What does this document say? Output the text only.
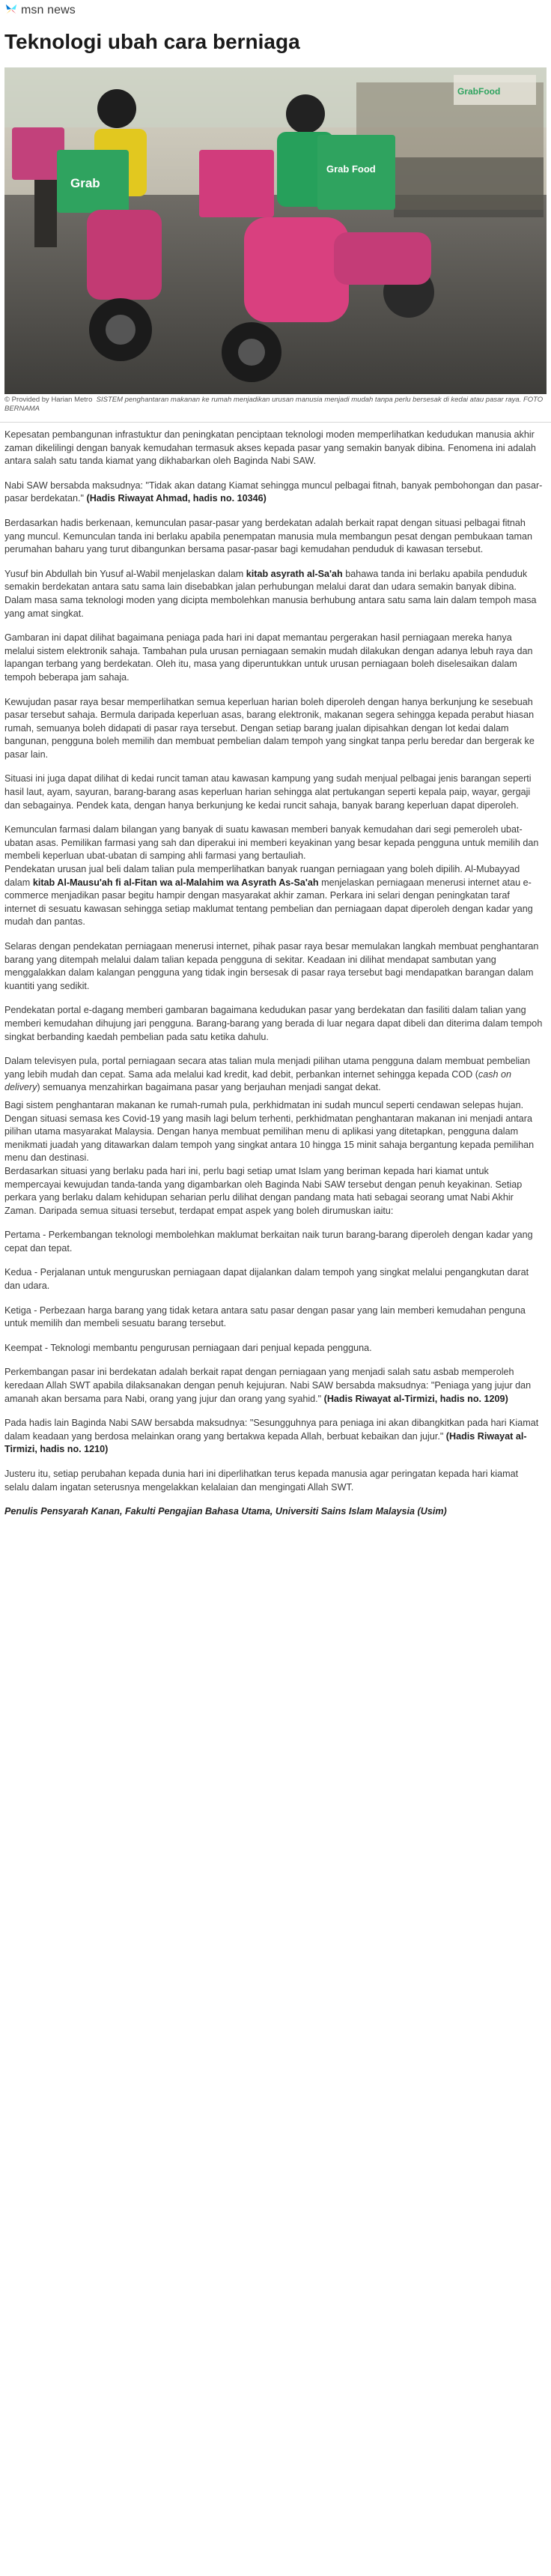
msn news
Teknologi ubah cara berniaga
Grab
Grab Food
GrabFood
© Provided by Harian Metro SISTEM penghantaran makanan ke rumah menjadikan urusan manusia menjadi mudah tanpa perlu bersesak di kedai atau pasar raya. FOTO BERNAMA

Kepesatan pembangunan infrastuktur dan peningkatan penciptaan teknologi moden memperlihatkan kedudukan manusia akhir zaman dikelilingi dengan banyak kemudahan termasuk akses kepada pasar yang semakin banyak dibina. Fenomena ini adalah antara salah satu tanda kiamat yang dikhabarkan oleh Baginda Nabi SAW.

Nabi SAW bersabda maksudnya: "Tidak akan datang Kiamat sehingga muncul pelbagai fitnah, banyak pembohongan dan pasar-pasar berdekatan." (Hadis Riwayat Ahmad, hadis no. 10346)

Berdasarkan hadis berkenaan, kemunculan pasar-pasar yang berdekatan adalah berkait rapat dengan situasi pelbagai fitnah yang muncul. Kemunculan tanda ini berlaku apabila penempatan manusia mula membangun pesat dengan pembukaan taman perumahan baharu yang turut dibangunkan bersama pasar-pasar bagi kemudahan penduduk di kawasan tersebut.

Yusuf bin Abdullah bin Yusuf al-Wabil menjelaskan dalam kitab asyrath al-Sa'ah bahawa tanda ini berlaku apabila penduduk semakin berdekatan antara satu sama lain disebabkan jalan perhubungan melalui darat dan udara semakin banyak dibina. Dalam masa sama teknologi moden yang dicipta membolehkan manusia berhubung antara satu sama lain dalam tempoh masa yang amat singkat.

Gambaran ini dapat dilihat bagaimana peniaga pada hari ini dapat memantau pergerakan hasil perniagaan mereka hanya melalui sistem elektronik sahaja. Tambahan pula urusan perniagaan semakin mudah dilakukan dengan adanya lebuh raya dan lapangan terbang yang berdekatan. Oleh itu, masa yang diperuntukkan untuk urusan perniagaan boleh diselesaikan dalam tempoh beberapa jam sahaja.

Kewujudan pasar raya besar memperlihatkan semua keperluan harian boleh diperoleh dengan hanya berkunjung ke sesebuah pasar tersebut sahaja. Bermula daripada keperluan asas, barang elektronik, makanan segera sehingga kepada perabut hiasan rumah, semuanya boleh didapati di pasar raya tersebut. Dengan setiap barang jualan dipisahkan dengan lot kedai dalam bangunan, pengguna boleh memilih dan membuat pembelian dalam tempoh yang singkat tanpa perlu beredar dan bergerak ke pasar lain.

Situasi ini juga dapat dilihat di kedai runcit taman atau kawasan kampung yang sudah menjual pelbagai jenis barangan seperti hasil laut, ayam, sayuran, barang-barang asas keperluan harian sehingga alat pertukangan seperti kepala paip, wayar, gergaji dan sebagainya. Pendek kata, dengan hanya berkunjung ke kedai runcit sahaja, banyak barang keperluan dapat diperoleh.

Kemunculan farmasi dalam bilangan yang banyak di suatu kawasan memberi banyak kemudahan dari segi pemeroleh ubat-ubatan asas. Pemilikan farmasi yang sah dan diperakui ini memberi keyakinan yang besar kepada pengguna untuk memilih dan membeli keperluan ubat-ubatan di samping ahli farmasi yang bertauliah.

Pendekatan urusan jual beli dalam talian pula memperlihatkan banyak ruangan perniagaan yang boleh dipilih. Al-Mubayyad dalam kitab Al-Mausu'ah fi al-Fitan wa al-Malahim wa Asyrath As-Sa'ah menjelaskan perniagaan menerusi internet atau e-commerce menjadikan pasar begitu hampir dengan masyarakat akhir zaman. Perkara ini selari dengan peningkatan taraf internet di sesuatu kawasan sehingga setiap maklumat tentang pembelian dan perniagaan dapat diperoleh dengan kadar yang mudah dan pantas.

Selaras dengan pendekatan perniagaan menerusi internet, pihak pasar raya besar memulakan langkah membuat penghantaran barang yang ditempah melalui dalam talian kepada pengguna di sekitar. Keadaan ini dilihat mendapat sambutan yang menggalakkan dalam kalangan pengguna yang tidak ingin bersesak di pasar raya tersebut bagi mendapatkan barangan dalam kuantiti yang sedikit.

Pendekatan portal e-dagang memberi gambaran bagaimana kedudukan pasar yang berdekatan dan fasiliti dalam talian yang memberi kemudahan dihujung jari pengguna. Barang-barang yang berada di luar negara dapat dibeli dan diterima dalam tempoh singkat berbanding kaedah pembelian pada satu ketika dahulu.

Dalam televisyen pula, portal perniagaan secara atas talian mula menjadi pilihan utama pengguna dalam membuat pembelian yang lebih mudah dan cepat. Sama ada melalui kad kredit, kad debit, perbankan internet sehingga kepada COD (cash on delivery) semuanya menzahirkan bagaimana pasar yang berjauhan menjadi sangat dekat.

Bagi sistem penghantaran makanan ke rumah-rumah pula, perkhidmatan ini sudah muncul seperti cendawan selepas hujan. Dengan situasi semasa kes Covid-19 yang masih lagi belum terhenti, perkhidmatan penghantaran makanan ini menjadi antara pilihan utama masyarakat Malaysia. Dengan hanya membuat pemilihan menu di aplikasi yang ditetapkan, pengguna dalam menikmati juadah yang ditawarkan dalam tempoh yang singkat antara 10 hingga 15 minit sahaja bergantung kepada pemilihan menu dan destinasi.

Berdasarkan situasi yang berlaku pada hari ini, perlu bagi setiap umat Islam yang beriman kepada hari kiamat untuk mempercayai kewujudan tanda-tanda yang digambarkan oleh Baginda Nabi SAW tersebut dengan penuh keyakinan. Setiap perkara yang berlaku dalam kehidupan seharian perlu dilihat dengan pandang mata hati sebagai seorang umat Nabi Akhir Zaman. Daripada semua situasi tersebut, terdapat empat aspek yang boleh dirumuskan iaitu:

Pertama - Perkembangan teknologi membolehkan maklumat berkaitan naik turun barang-barang diperoleh dengan kadar yang cepat dan tepat.

Kedua - Perjalanan untuk menguruskan perniagaan dapat dijalankan dalam tempoh yang singkat melalui pengangkutan darat dan udara.

Ketiga - Perbezaan harga barang yang tidak ketara antara satu pasar dengan pasar yang lain memberi kemudahan penguna untuk memilih dan membeli sesuatu barang tersebut.

Keempat - Teknologi membantu pengurusan perniagaan dari penjual kepada pengguna.

Perkembangan pasar ini berdekatan adalah berkait rapat dengan perniagaan yang menjadi salah satu asbab memperoleh keredaan Allah SWT apabila dilaksanakan dengan penuh kejujuran. Nabi SAW bersabda maksudnya: "Peniaga yang jujur dan amanah akan bersama para Nabi, orang yang jujur dan orang yang syahid." (Hadis Riwayat al-Tirmizi, hadis no. 1209)

Pada hadis lain Baginda Nabi SAW bersabda maksudnya: "Sesungguhnya para peniaga ini akan dibangkitkan pada hari Kiamat dalam keadaan yang berdosa melainkan orang yang bertakwa kepada Allah, berbuat kebaikan dan jujur." (Hadis Riwayat al-Tirmizi, hadis no. 1210)

Justeru itu, setiap perubahan kepada dunia hari ini diperlihatkan terus kepada manusia agar peringatan kepada hari kiamat selalu dalam ingatan seterusnya mengelakkan kelalaian dan mengingati Allah SWT.

Penulis Pensyarah Kanan, Fakulti Pengajian Bahasa Utama, Universiti Sains Islam Malaysia (Usim)
